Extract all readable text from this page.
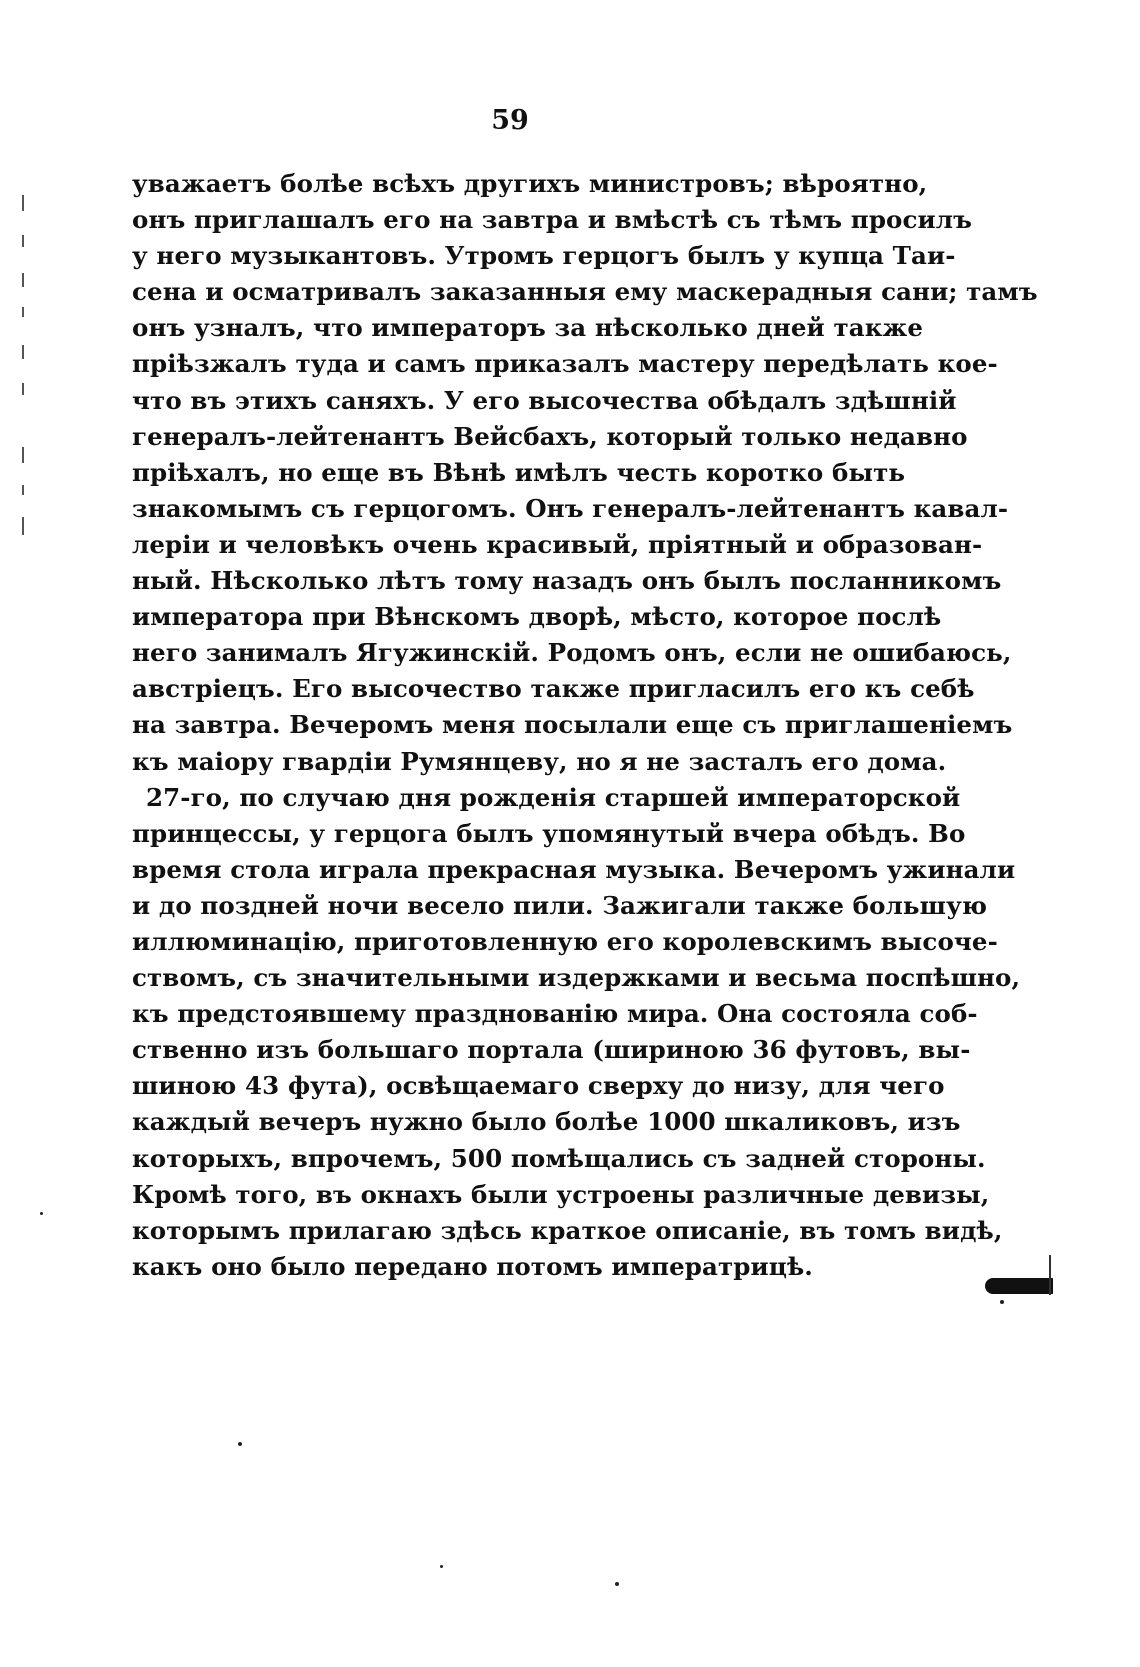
59
уважаетъ болѣе всѣхъ другихъ министровъ; вѣроятно,
онъ приглашалъ его на завтра и вмѣстѣ съ тѣмъ просилъ
у него музыкантовъ. Утромъ герцогъ былъ у купца Таи-
сена и осматривалъ заказанныя ему маскерадныя сани; тамъ
онъ узналъ, что императоръ за нѣсколько дней также
пріѣзжалъ туда и самъ приказалъ мастеру передѣлать кое-
что въ этихъ саняхъ. У его высочества обѣдалъ здѣшній
генералъ-лейтенантъ Вейсбахъ, который только недавно
пріѣхалъ, но еще въ Вѣнѣ имѣлъ честь коротко быть
знакомымъ съ герцогомъ. Онъ генералъ-лейтенантъ кавал-
леріи и человѣкъ очень красивый, пріятный и образован-
ный. Нѣсколько лѣтъ тому назадъ онъ былъ посланникомъ
императора при Вѣнскомъ дворѣ, мѣсто, которое послѣ
него занималъ Ягужинскій. Родомъ онъ, если не ошибаюсь,
австріецъ. Его высочество также пригласилъ его къ себѣ
на завтра. Вечеромъ меня посылали еще съ приглашеніемъ
къ маіору гвардіи Румянцеву, но я не засталъ его дома.
27-го, по случаю дня рожденія старшей императорской
принцессы, у герцога былъ упомянутый вчера обѣдъ. Во
время стола играла прекрасная музыка. Вечеромъ ужинали
и до поздней ночи весело пили. Зажигали также большую
иллюминацію, приготовленную его королевскимъ высоче-
ствомъ, съ значительными издержками и весьма поспѣшно,
къ предстоявшему празднованію мира. Она состояла соб-
ственно изъ большаго портала (шириною 36 футовъ, вы-
шиною 43 фута), освѣщаемаго сверху до низу, для чего
каждый вечеръ нужно было болѣе 1000 шкаликовъ, изъ
которыхъ, впрочемъ, 500 помѣщались съ задней стороны.
Кромѣ того, въ окнахъ были устроены различные девизы,
которымъ прилагаю здѣсь краткое описаніе, въ томъ видѣ,
какъ оно было передано потомъ императрицѣ.
